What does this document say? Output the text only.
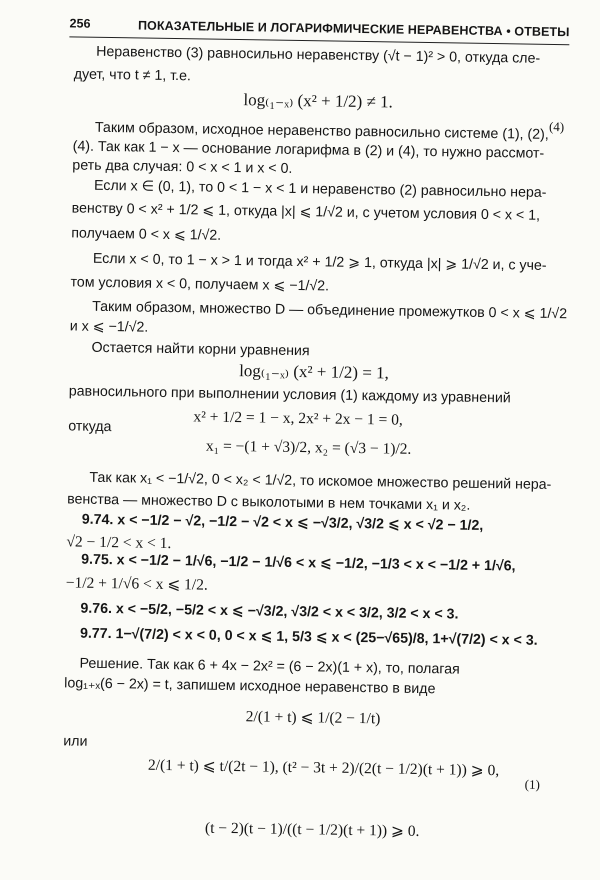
256	ПОКАЗАТЕЛЬНЫЕ И ЛОГАРИФМИЧЕСКИЕ НЕРАВЕНСТВА • ОТВЕТЫ
Неравенство (3) равносильно неравенству (√t − 1)² > 0, откуда сле-
дует, что t ≠ 1, т.е.
log₍₁₋ₓ₎ (x² + 1/2) ≠ 1.
(4)
Таким образом, исходное неравенство равносильно системе (1), (2),
(4). Так как 1 − x — основание логарифма в (2) и (4), то нужно рассмот-
реть два случая: 0 < x < 1 и x < 0.
Если x ∈ (0, 1), то 0 < 1 − x < 1 и неравенство (2) равносильно нера-
венству 0 < x² + 1/2 ⩽ 1, откуда |x| ⩽ 1/√2 и, с учетом условия 0 < x < 1,
получаем 0 < x ⩽ 1/√2.
Если x < 0, то 1 − x > 1 и тогда x² + 1/2 ⩾ 1, откуда |x| ⩾ 1/√2 и, с уче-
том условия x < 0, получаем x ⩽ −1/√2.
Таким образом, множество D — объединение промежутков 0 < x ⩽ 1/√2
и x ⩽ −1/√2.
Остается найти корни уравнения
log₍₁₋ₓ₎ (x² + 1/2) = 1,
равносильного при выполнении условия (1) каждому из уравнений
x² + 1/2 = 1 − x, 2x² + 2x − 1 = 0,
откуда
x₁ = −(1 + √3)/2, x₂ = (√3 − 1)/2.
Так как x₁ < −1/√2, 0 < x₂ < 1/√2, то искомое множество решений нера-
венства — множество D с выколотыми в нем точками x₁ и x₂.
9.74. x < −1/2 − √2, −1/2 − √2 < x ⩽ −√3/2, √3/2 ⩽ x < √2 − 1/2,
√2 − 1/2 < x < 1.
9.75. x < −1/2 − 1/√6, −1/2 − 1/√6 < x ⩽ −1/2, −1/3 < x < −1/2 + 1/√6,
−1/2 + 1/√6 < x ⩽ 1/2.
9.76. x < −5/2, −5/2 < x ⩽ −√3/2, √3/2 < x < 3/2, 3/2 < x < 3.
9.77. 1−√(7/2) < x < 0, 0 < x ⩽ 1, 5/3 ⩽ x < (25−√65)/8, 1+√(7/2) < x < 3.
Решение. Так как 6 + 4x − 2x² = (6 − 2x)(1 + x), то, полагая
log₁₊ₓ(6 − 2x) = t, запишем исходное неравенство в виде
2/(1 + t) ⩽ 1/(2 − 1/t)
или
2/(1 + t) ⩽ t/(2t − 1), (t² − 3t + 2)/(2(t − 1/2)(t + 1)) ⩾ 0,
(1)
(t − 2)(t − 1)/((t − 1/2)(t + 1)) ⩾ 0.
